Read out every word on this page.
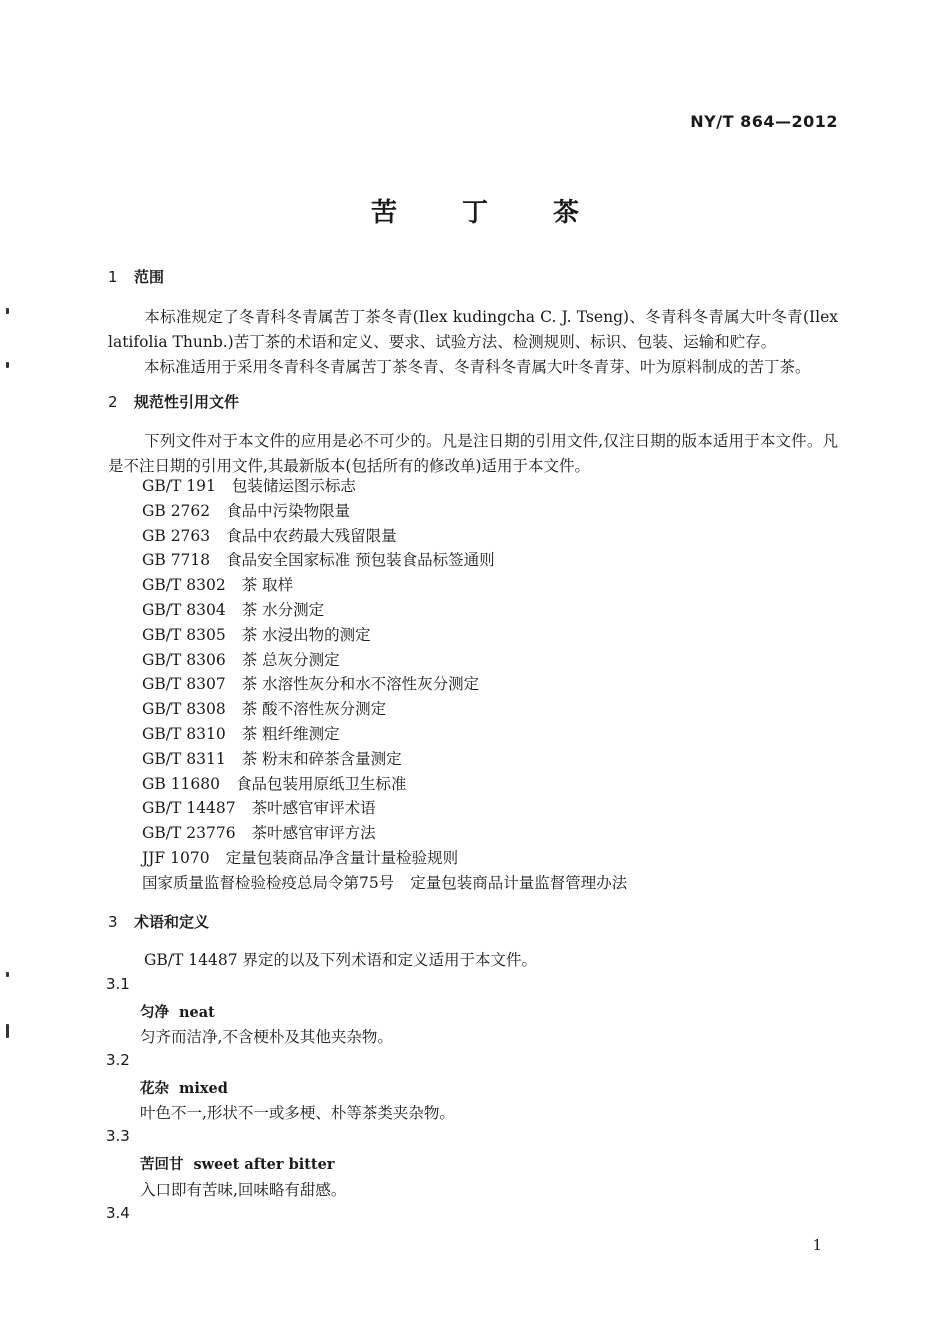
NY/T 864—2012
苦 丁 茶
1 范围
本标准规定了冬青科冬青属苦丁茶冬青(Ilex kudingcha C. J. Tseng)、冬青科冬青属大叶冬青(Ilex latifolia Thunb.)苦丁茶的术语和定义、要求、试验方法、检测规则、标识、包装、运输和贮存。
本标准适用于采用冬青科冬青属苦丁茶冬青、冬青科冬青属大叶冬青芽、叶为原料制成的苦丁茶。
2 规范性引用文件
下列文件对于本文件的应用是必不可少的。凡是注日期的引用文件,仅注日期的版本适用于本文件。凡是不注日期的引用文件,其最新版本(包括所有的修改单)适用于本文件。
GB/T 191 包装储运图示标志
GB 2762 食品中污染物限量
GB 2763 食品中农药最大残留限量
GB 7718 食品安全国家标准 预包装食品标签通则
GB/T 8302 茶 取样
GB/T 8304 茶 水分测定
GB/T 8305 茶 水浸出物的测定
GB/T 8306 茶 总灰分测定
GB/T 8307 茶 水溶性灰分和水不溶性灰分测定
GB/T 8308 茶 酸不溶性灰分测定
GB/T 8310 茶 粗纤维测定
GB/T 8311 茶 粉末和碎茶含量测定
GB 11680 食品包装用原纸卫生标准
GB/T 14487 茶叶感官审评术语
GB/T 23776 茶叶感官审评方法
JJF 1070 定量包装商品净含量计量检验规则
国家质量监督检验检疫总局令第75号 定量包装商品计量监督管理办法
3 术语和定义
GB/T 14487 界定的以及下列术语和定义适用于本文件。
3.1
匀净 neat
匀齐而洁净,不含梗朴及其他夹杂物。
3.2
花杂 mixed
叶色不一,形状不一或多梗、朴等茶类夹杂物。
3.3
苦回甘 sweet after bitter
入口即有苦味,回味略有甜感。
3.4
1
